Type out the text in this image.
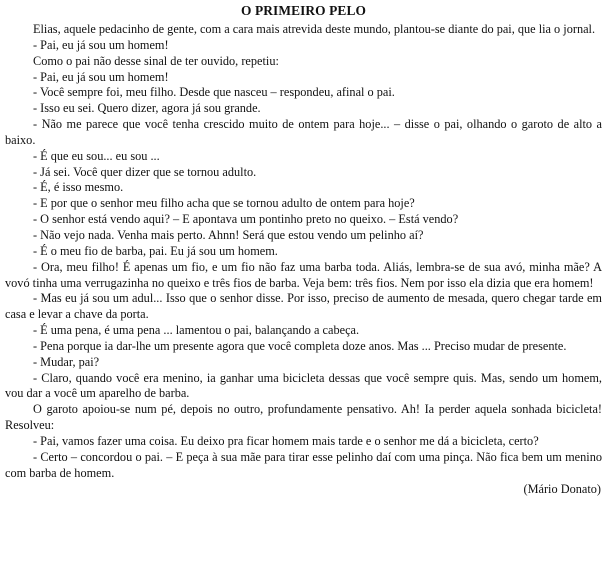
O PRIMEIRO PELO

Elias, aquele pedacinho de gente, com a cara mais atrevida deste mundo, plantou-se diante do pai, que lia o jornal.

- Pai, eu já sou um homem!

Como o pai não desse sinal de ter ouvido, repetiu:

- Pai, eu já sou um homem!

- Você sempre foi, meu filho. Desde que nasceu – respondeu, afinal o pai.

- Isso eu sei. Quero dizer, agora já sou grande.

- Não me parece que você tenha crescido muito de ontem para hoje... – disse o pai, olhando o garoto de alto a baixo.

- É que eu sou... eu sou ...

- Já sei. Você quer dizer que se tornou adulto.

- É, é isso mesmo.

- E por que o senhor meu filho acha que se tornou adulto de ontem para hoje?

- O senhor está vendo aqui? – E apontava um pontinho preto no queixo. – Está vendo?

- Não vejo nada. Venha mais perto. Ahnn! Será que estou vendo um pelinho aí?

- É o meu fio de barba, pai. Eu já sou um homem.

- Ora, meu filho! É apenas um fio, e um fio não faz uma barba toda. Aliás, lembra-se de sua avó, minha mãe? A vovó tinha uma verrugazinha no queixo e três fios de barba. Veja bem: três fios. Nem por isso ela dizia que era homem!

- Mas eu já sou um adul... Isso que o senhor disse. Por isso, preciso de aumento de mesada, quero chegar tarde em casa e levar a chave da porta.

- É uma pena, é uma pena ... lamentou o pai, balançando a cabeça.

- Pena porque ia dar-lhe um presente agora que você completa doze anos. Mas ... Preciso mudar de presente.

- Mudar, pai?

- Claro, quando você era menino, ia ganhar uma bicicleta dessas que você sempre quis. Mas, sendo um homem, vou dar a você um aparelho de barba.

O garoto apoiou-se num pé, depois no outro, profundamente pensativo. Ah! Ia perder aquela sonhada bicicleta! Resolveu:

- Pai, vamos fazer uma coisa. Eu deixo pra ficar homem mais tarde e o senhor me dá a bicicleta, certo?

- Certo – concordou o pai. – E peça à sua mãe para tirar esse pelinho daí com uma pinça. Não fica bem um menino com barba de homem.

(Mário Donato)
